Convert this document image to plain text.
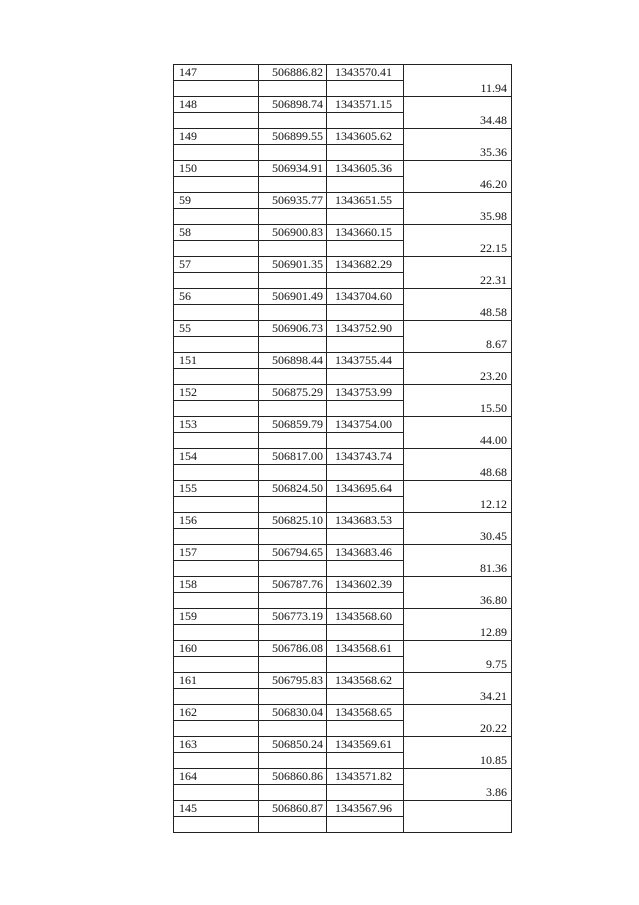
147	506886.82	1343570.41	
			11.94
148	506898.74	1343571.15	
			34.48
149	506899.55	1343605.62	
			35.36
150	506934.91	1343605.36	
			46.20
59	506935.77	1343651.55	
			35.98
58	506900.83	1343660.15	
			22.15
57	506901.35	1343682.29	
			22.31
56	506901.49	1343704.60	
			48.58
55	506906.73	1343752.90	
			8.67
151	506898.44	1343755.44	
			23.20
152	506875.29	1343753.99	
			15.50
153	506859.79	1343754.00	
			44.00
154	506817.00	1343743.74	
			48.68
155	506824.50	1343695.64	
			12.12
156	506825.10	1343683.53	
			30.45
157	506794.65	1343683.46	
			81.36
158	506787.76	1343602.39	
			36.80
159	506773.19	1343568.60	
			12.89
160	506786.08	1343568.61	
			9.75
161	506795.83	1343568.62	
			34.21
162	506830.04	1343568.65	
			20.22
163	506850.24	1343569.61	
			10.85
164	506860.86	1343571.82	
			3.86
145	506860.87	1343567.96	
